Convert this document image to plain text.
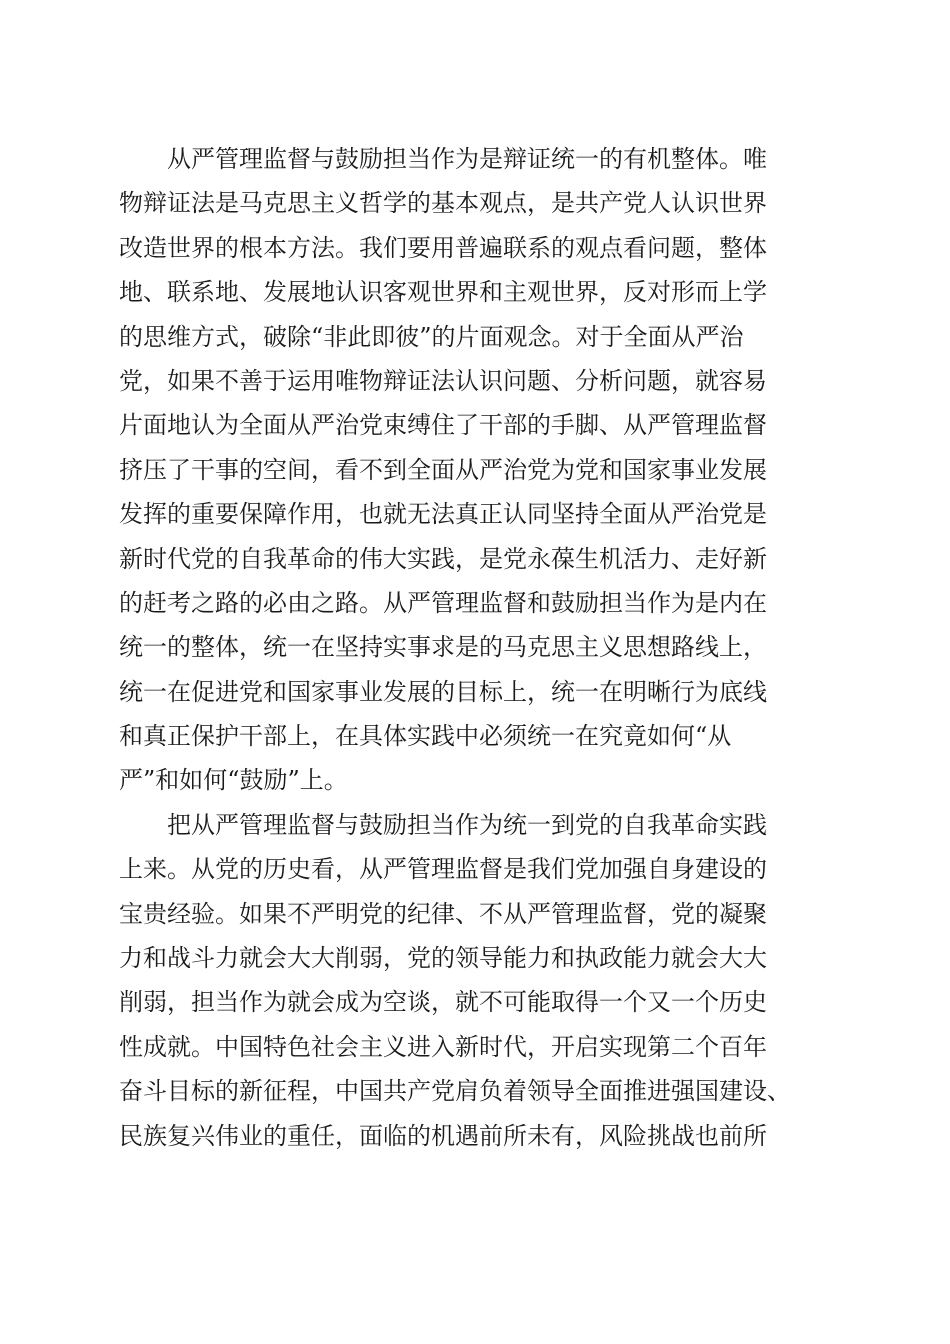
从严管理监督与鼓励担当作为是辩证统一的有机整体。唯
物辩证法是马克思主义哲学的基本观点，是共产党人认识世界
改造世界的根本方法。我们要用普遍联系的观点看问题，整体
地、联系地、发展地认识客观世界和主观世界，反对形而上学
的思维方式，破除“非此即彼”的片面观念。对于全面从严治
党，如果不善于运用唯物辩证法认识问题、分析问题，就容易
片面地认为全面从严治党束缚住了干部的手脚、从严管理监督
挤压了干事的空间，看不到全面从严治党为党和国家事业发展
发挥的重要保障作用，也就无法真正认同坚持全面从严治党是
新时代党的自我革命的伟大实践，是党永葆生机活力、走好新
的赶考之路的必由之路。从严管理监督和鼓励担当作为是内在
统一的整体，统一在坚持实事求是的马克思主义思想路线上，
统一在促进党和国家事业发展的目标上，统一在明晰行为底线
和真正保护干部上，在具体实践中必须统一在究竟如何“从
严”和如何“鼓励”上。
把从严管理监督与鼓励担当作为统一到党的自我革命实践
上来。从党的历史看，从严管理监督是我们党加强自身建设的
宝贵经验。如果不严明党的纪律、不从严管理监督，党的凝聚
力和战斗力就会大大削弱，党的领导能力和执政能力就会大大
削弱，担当作为就会成为空谈，就不可能取得一个又一个历史
性成就。中国特色社会主义进入新时代，开启实现第二个百年
奋斗目标的新征程，中国共产党肩负着领导全面推进强国建设、
民族复兴伟业的重任，面临的机遇前所未有，风险挑战也前所
